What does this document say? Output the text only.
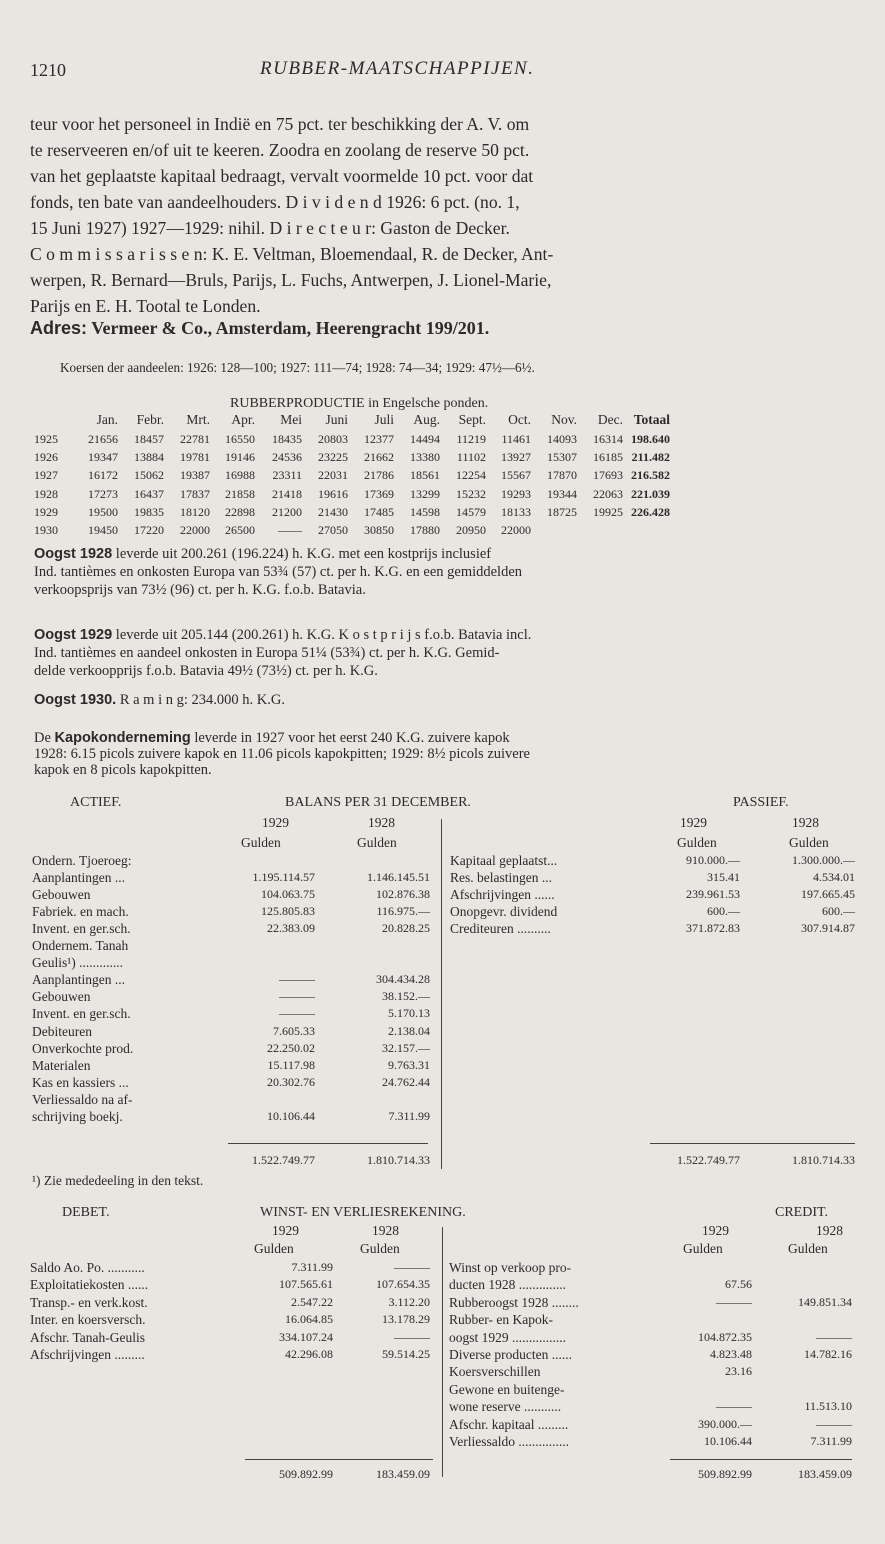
1210	RUBBER-MAATSCHAPPIJEN.
teur voor het personeel in Indië en 75 pct. ter beschikking der A. V. om
te reserveeren en/of uit te keeren. Zoodra en zoolang de reserve 50 pct.
van het geplaatste kapitaal bedraagt, vervalt voormelde 10 pct. voor dat
fonds, ten bate van aandeelhouders. D i v i d e n d 1926: 6 pct. (no. 1,
15 Juni 1927) 1927—1929: nihil. D i r e c t e u r: Gaston de Decker.
C o m m i s s a r i s s e n: K. E. Veltman, Bloemendaal, R. de Decker, Ant-
werpen, R. Bernard—Bruls, Parijs, L. Fuchs, Antwerpen, J. Lionel-Marie,
Parijs en E. H. Tootal te Londen.
Adres: Vermeer & Co., Amsterdam, Heerengracht 199/201.
Koersen der aandeelen: 1926: 128—100; 1927: 111—74; 1928: 74—34; 1929: 47½—6½.
RUBBERPRODUCTIE in Engelsche ponden.
Jan. Febr. Mrt. Apr. Mei Juni Juli Aug. Sept. Oct. Nov. Dec. Totaal
1925	21656 18457 22781 16550 18435 20803 12377 14494 11219 11461 14093 16314 198.640
1926	19347 13884 19781 19146 24536 23225 21662 13380 11102 13927 15307 16185 211.482
1927	16172 15062 19387 16988 23311 22031 21786 18561 12254 15567 17870 17693 216.582
1928	17273 16437 17837 21858 21418 19616 17369 13299 15232 19293 19344 22063 221.039
1929	19500 19835 18120 22898 21200 21430 17485 14598 14579 18133 18725 19925 226.428
1930	19450 17220 22000 26500 —— 27050 30850 17880 20950 22000
Oogst 1928 leverde uit 200.261 (196.224) h. K.G. met een kostprijs inclusief
Ind. tantièmes en onkosten Europa van 53¾ (57) ct. per h. K.G. en een gemiddelden
verkoopsprijs van 73½ (96) ct. per h. K.G. f.o.b. Batavia.
Oogst 1929 leverde uit 205.144 (200.261) h. K.G. K o s t p r i j s f.o.b. Batavia incl.
Ind. tantièmes en aandeel onkosten in Europa 51¼ (53¾) ct. per h. K.G. Gemid-
delde verkoopprijs f.o.b. Batavia 49½ (73½) ct. per h. K.G.
Oogst 1930. R a m i n g: 234.000 h. K.G.
De Kapokonderneming leverde in 1927 voor het eerst 240 K.G. zuivere kapok
1928: 6.15 picols zuivere kapok en 11.06 picols kapokpitten; 1929: 8½ picols zuivere
kapok en 8 picols kapokpitten.
ACTIEF.	BALANS PER 31 DECEMBER.	PASSIEF.
1929	1928
Gulden	Gulden
1929	1928
Gulden	Gulden
Ondern. Tjoeroeg:
Aanplantingen ...	1.195.114.57	1.146.145.51
Gebouwen	104.063.75	102.876.38
Fabriek. en mach.	125.805.83	116.975.—
Invent. en ger.sch.	22.383.09	20.828.25
Ondernem. Tanah
Geulis¹) .............
Aanplantingen ...	———	304.434.28
Gebouwen	———	38.152.—
Invent. en ger.sch.	———	5.170.13
Debiteuren	7.605.33	2.138.04
Onverkochte prod.	22.250.02	32.157.—
Materialen	15.117.98	9.763.31
Kas en kassiers ...	20.302.76	24.762.44
Verliessaldo na af-
schrijving boekj.	10.106.44	7.311.99
Kapitaal geplaatst...	910.000.—	1.300.000.—
Res. belastingen ...	315.41	4.534.01
Afschrijvingen ......	239.961.53	197.665.45
Onopgevr. dividend	600.—	600.—
Crediteuren ..........	371.872.83	307.914.87
1.522.749.77	1.810.714.33	1.522.749.77	1.810.714.33
¹) Zie mededeeling in den tekst.
DEBET.	WINST- EN VERLIESREKENING.	CREDIT.
1929	1928
Gulden	Gulden
1929	1928
Gulden	Gulden
Saldo Ao. Po. ...........	7.311.99	———
Exploitatiekosten ......	107.565.61	107.654.35
Transp.- en verk.kost.	2.547.22	3.112.20
Inter. en koersversch.	16.064.85	13.178.29
Afschr. Tanah-Geulis	334.107.24	———
Afschrijvingen .........	42.296.08	59.514.25
Winst op verkoop pro-
ducten 1928 ..............	67.56
Rubberoogst 1928 ........	———	149.851.34
Rubber- en Kapok-
oogst 1929 ................	104.872.35	———
Diverse producten ......	4.823.48	14.782.16
Koersverschillen	23.16
Gewone en buitenge-
wone reserve ...........	———	11.513.10
Afschr. kapitaal .........	390.000.—	———
Verliessaldo ...............	10.106.44	7.311.99
509.892.99	183.459.09	509.892.99	183.459.09
